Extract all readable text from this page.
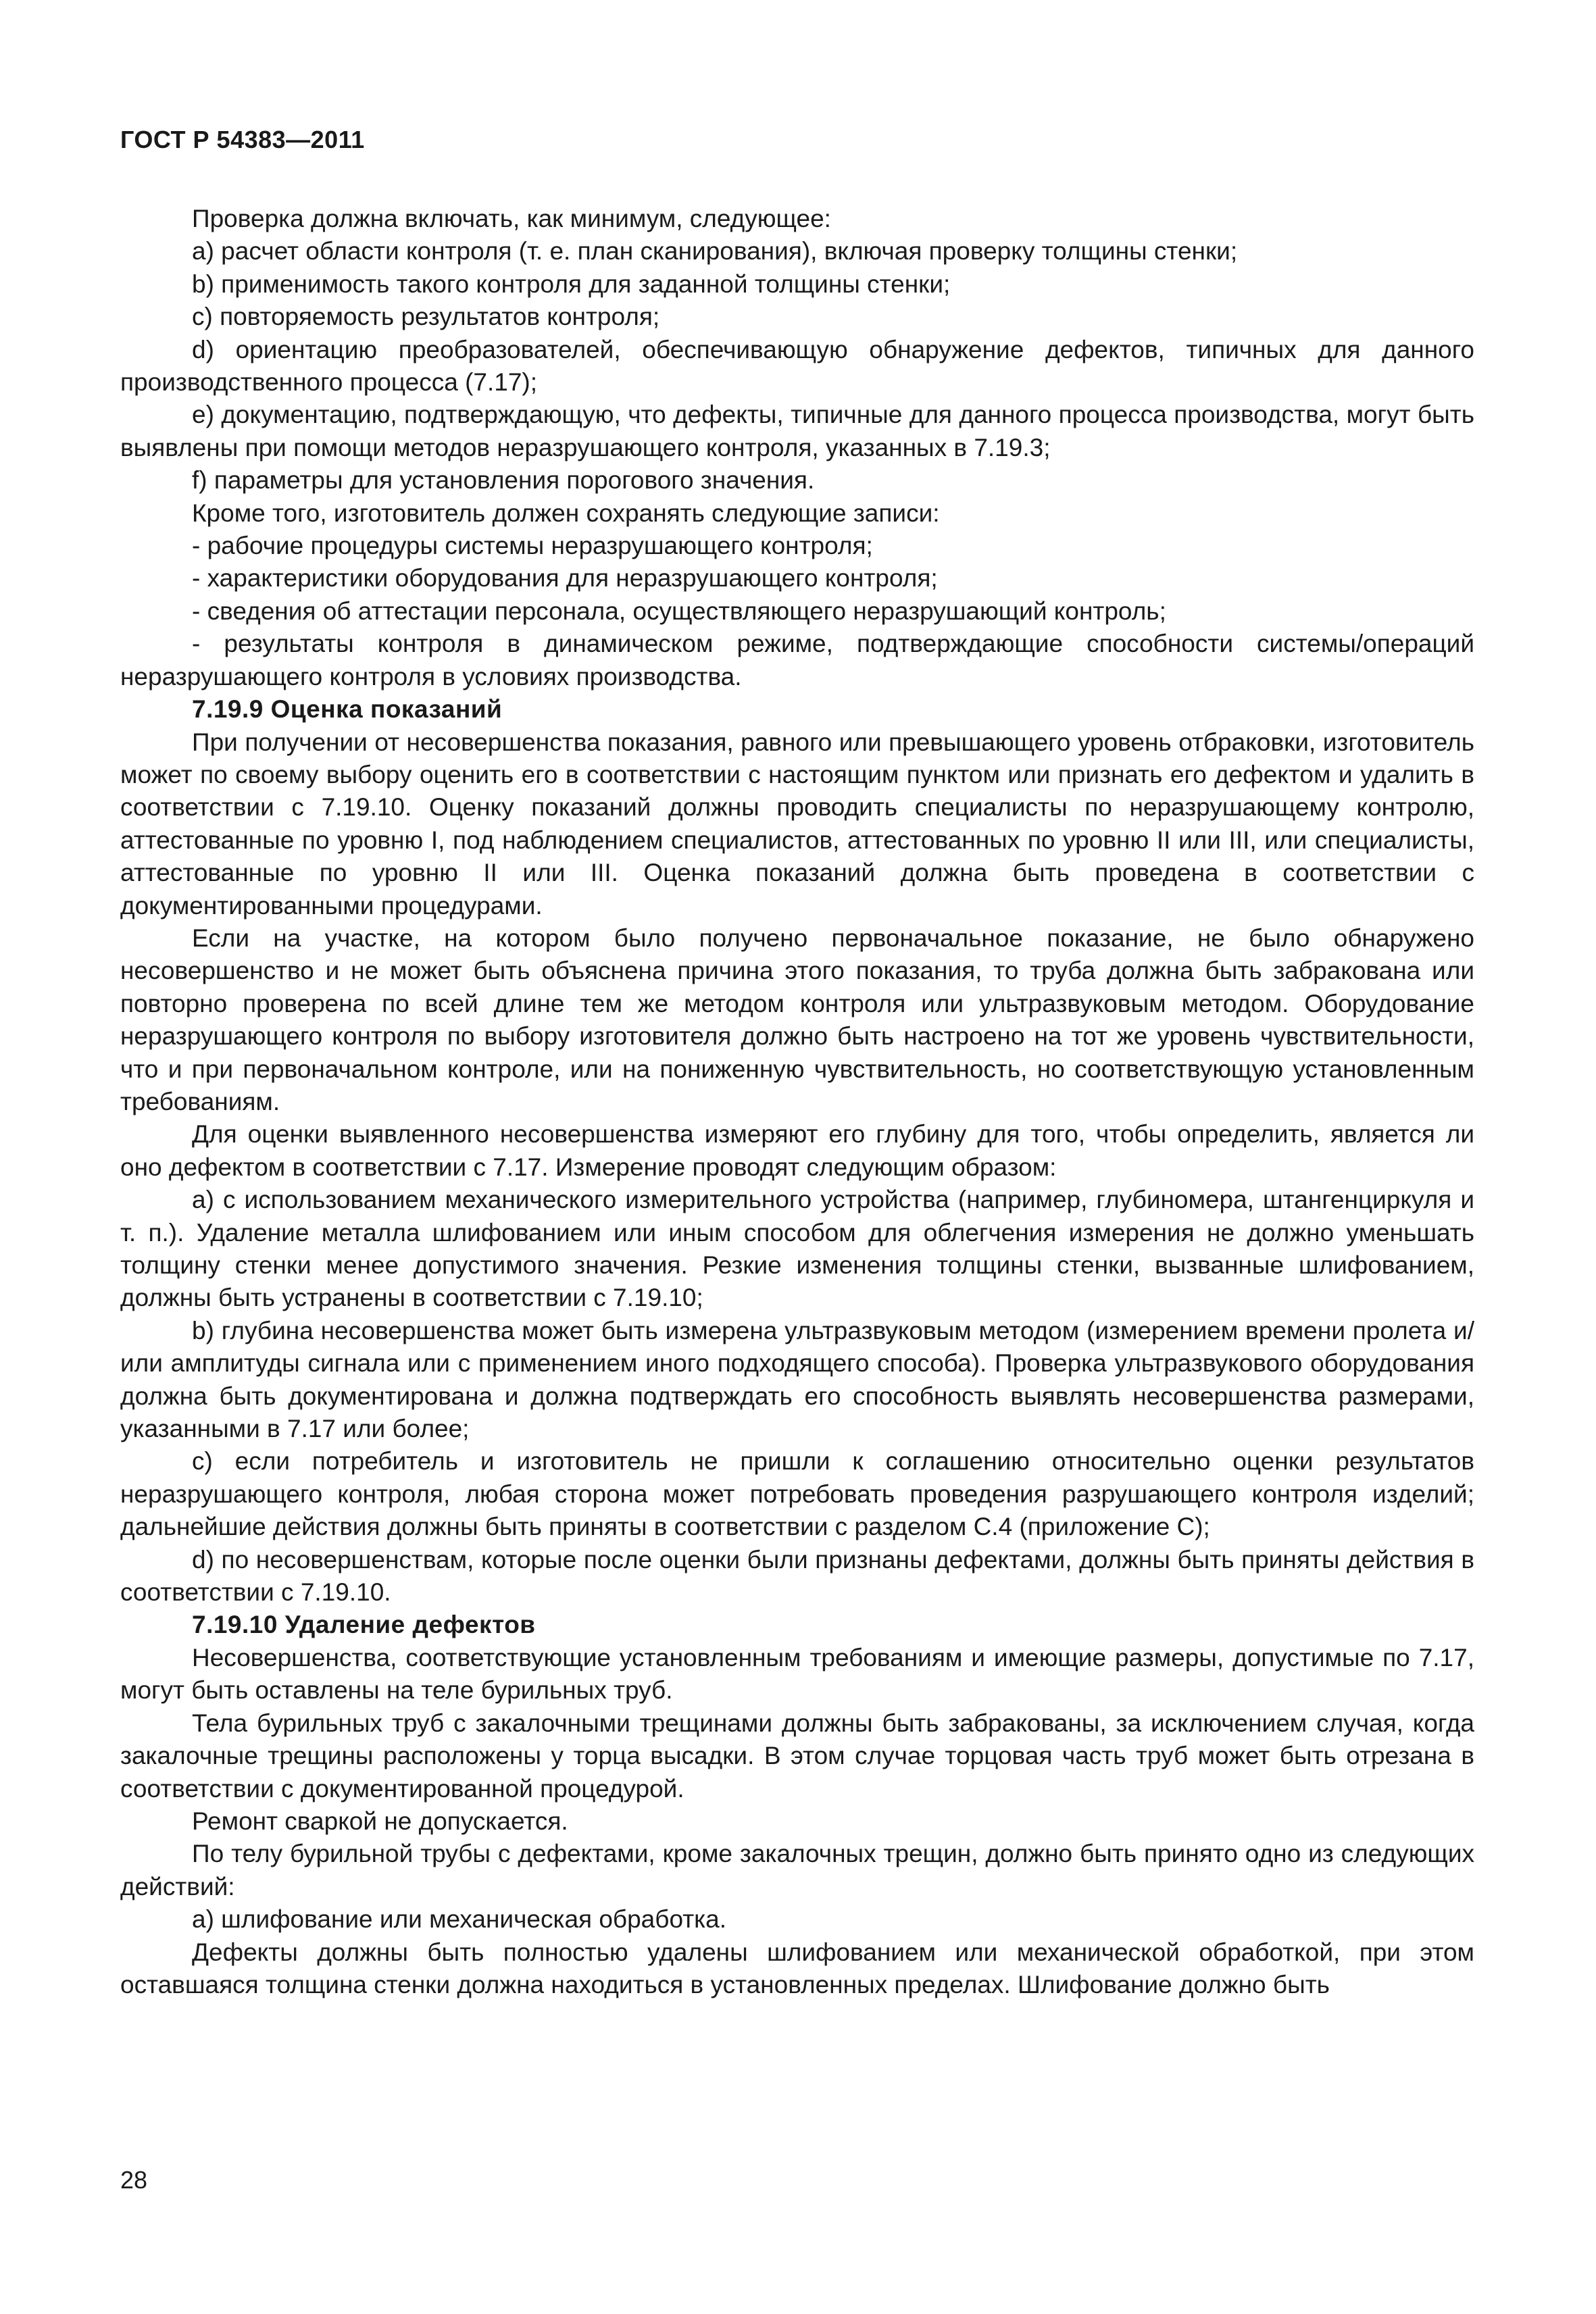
ГОСТ Р 54383—2011

Проверка должна включать, как минимум, следующее:

а) расчет области контроля (т. е. план сканирования), включая проверку толщины стенки;

b) применимость такого контроля для заданной толщины стенки;

с) повторяемость результатов контроля;

d) ориентацию преобразователей, обеспечивающую обнаружение дефектов, типичных для данного производственного процесса (7.17);

е) документацию, подтверждающую, что дефекты, типичные для данного процесса производства, могут быть выявлены при помощи методов неразрушающего контроля, указанных в 7.19.3;

f) параметры для установления порогового значения.

Кроме того, изготовитель должен сохранять следующие записи:

- рабочие процедуры системы неразрушающего контроля;

- характеристики оборудования для неразрушающего контроля;

- сведения об аттестации персонала, осуществляющего неразрушающий контроль;

- результаты контроля в динамическом режиме, подтверждающие способности системы/операций неразрушающего контроля в условиях производства.

7.19.9 Оценка показаний

При получении от несовершенства показания, равного или превышающего уровень отбраковки, изготовитель может по своему выбору оценить его в соответствии с настоящим пунктом или признать его дефектом и удалить в соответствии с 7.19.10. Оценку показаний должны проводить специалисты по неразрушающему контролю, аттестованные по уровню I, под наблюдением специалистов, аттестованных по уровню II или III, или специалисты, аттестованные по уровню II или III. Оценка показаний должна быть проведена в соответствии с документированными процедурами.

Если на участке, на котором было получено первоначальное показание, не было обнаружено несовершенство и не может быть объяснена причина этого показания, то труба должна быть забракована или повторно проверена по всей длине тем же методом контроля или ультразвуковым методом. Оборудование неразрушающего контроля по выбору изготовителя должно быть настроено на тот же уровень чувствительности, что и при первоначальном контроле, или на пониженную чувствительность, но соответствующую установленным требованиям.

Для оценки выявленного несовершенства измеряют его глубину для того, чтобы определить, является ли оно дефектом в соответствии с 7.17. Измерение проводят следующим образом:

а) с использованием механического измерительного устройства (например, глубиномера, штангенциркуля и т. п.). Удаление металла шлифованием или иным способом для облегчения измерения не должно уменьшать толщину стенки менее допустимого значения. Резкие изменения толщины стенки, вызванные шлифованием, должны быть устранены в соответствии с 7.19.10;

b) глубина несовершенства может быть измерена ультразвуковым методом (измерением времени пролета и/или амплитуды сигнала или с применением иного подходящего способа). Проверка ультразвукового оборудования должна быть документирована и должна подтверждать его способность выявлять несовершенства размерами, указанными в 7.17 или более;

с) если потребитель и изготовитель не пришли к соглашению относительно оценки результатов неразрушающего контроля, любая сторона может потребовать проведения разрушающего контроля изделий; дальнейшие действия должны быть приняты в соответствии с разделом С.4 (приложение С);

d) по несовершенствам, которые после оценки были признаны дефектами, должны быть приняты действия в соответствии с 7.19.10.

7.19.10 Удаление дефектов

Несовершенства, соответствующие установленным требованиям и имеющие размеры, допустимые по 7.17, могут быть оставлены на теле бурильных труб.

Тела бурильных труб с закалочными трещинами должны быть забракованы, за исключением случая, когда закалочные трещины расположены у торца высадки. В этом случае торцовая часть труб может быть отрезана в соответствии с документированной процедурой.

Ремонт сваркой не допускается.

По телу бурильной трубы с дефектами, кроме закалочных трещин, должно быть принято одно из следующих действий:

а) шлифование или механическая обработка.

Дефекты должны быть полностью удалены шлифованием или механической обработкой, при этом оставшаяся толщина стенки должна находиться в установленных пределах. Шлифование должно быть

28
